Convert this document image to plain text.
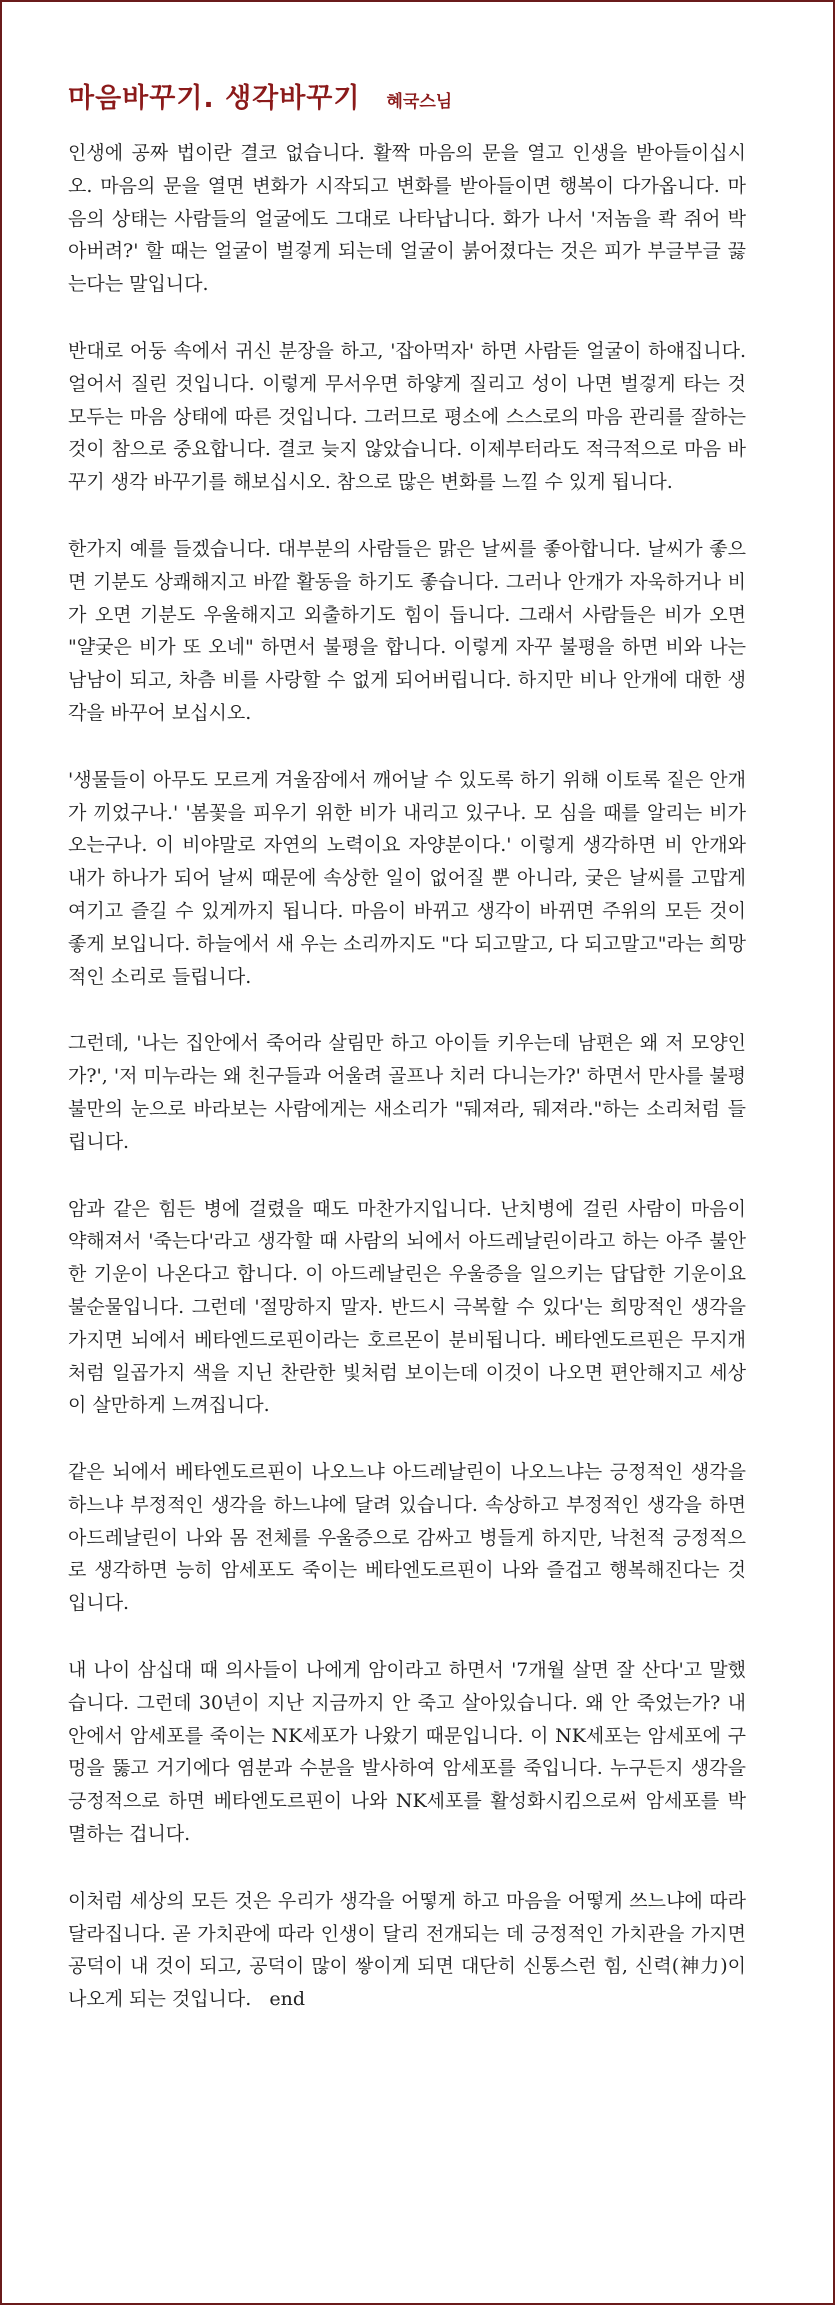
마음바꾸기. 생각바꾸기 혜국스님

인생에 공짜 법이란 결코 없습니다. 활짝 마음의 문을 열고 인생을 받아들이십시오. 마음의 문을 열면 변화가 시작되고 변화를 받아들이면 행복이 다가옵니다. 마음의 상태는 사람들의 얼굴에도 그대로 나타납니다. 화가 나서 '저놈을 콱 쥐어 박아버려?' 할 때는 얼굴이 벌겋게 되는데 얼굴이 붉어졌다는 것은 피가 부글부글 끓는다는 말입니다.

반대로 어둥 속에서 귀신 분장을 하고, '잡아먹자' 하면 사람듣 얼굴이 하얘집니다. 얼어서 질린 것입니다. 이렇게 무서우면 하얗게 질리고 성이 나면 벌겋게 타는 것 모두는 마음 상태에 따른 것입니다. 그러므로 평소에 스스로의 마음 관리를 잘하는 것이 참으로 중요합니다. 결코 늦지 않았습니다. 이제부터라도 적극적으로 마음 바꾸기 생각 바꾸기를 해보십시오. 참으로 많은 변화를 느낄 수 있게 됩니다.

한가지 예를 들겠습니다. 대부분의 사람들은 맑은 날씨를 좋아합니다. 날씨가 좋으면 기분도 상쾌해지고 바깥 활동을 하기도 좋습니다. 그러나 안개가 자욱하거나 비가 오면 기분도 우울해지고 외출하기도 힘이 듭니다. 그래서 사람들은 비가 오면 "얄궂은 비가 또 오네" 하면서 불평을 합니다. 이렇게 자꾸 불평을 하면 비와 나는 남남이 되고, 차츰 비를 사랑할 수 없게 되어버립니다. 하지만 비나 안개에 대한 생각을 바꾸어 보십시오.

'생물들이 아무도 모르게 겨울잠에서 깨어날 수 있도록 하기 위해 이토록 짙은 안개가 끼었구나.' '봄꽃을 피우기 위한 비가 내리고 있구나. 모 심을 때를 알리는 비가 오는구나. 이 비야말로 자연의 노력이요 자양분이다.' 이렇게 생각하면 비 안개와 내가 하나가 되어 날씨 때문에 속상한 일이 없어질 뿐 아니라, 궂은 날씨를 고맙게 여기고 즐길 수 있게까지 됩니다. 마음이 바뀌고 생각이 바뀌면 주위의 모든 것이 좋게 보입니다. 하늘에서 새 우는 소리까지도 "다 되고말고, 다 되고말고"라는 희망적인 소리로 들립니다.

그런데, '나는 집안에서 죽어라 살림만 하고 아이들 키우는데 남편은 왜 저 모양인가?', '저 미누라는 왜 친구들과 어울려 골프나 치러 다니는가?' 하면서 만사를 불평불만의 눈으로 바라보는 사람에게는 새소리가 "뒈져라, 뒈져라."하는 소리처럼 들립니다.

암과 같은 힘든 병에 걸렸을 때도 마찬가지입니다. 난치병에 걸린 사람이 마음이 약해져서 '죽는다'라고 생각할 때 사람의 뇌에서 아드레날린이라고 하는 아주 불안한 기운이 나온다고 합니다. 이 아드레날린은 우울증을 일으키는 답답한 기운이요 불순물입니다. 그런데 '절망하지 말자. 반드시 극복할 수 있다'는 희망적인 생각을 가지면 뇌에서 베타엔드로핀이라는 호르몬이 분비됩니다. 베타엔도르핀은 무지개처럼 일곱가지 색을 지닌 찬란한 빛처럼 보이는데 이것이 나오면 편안해지고 세상이 살만하게 느껴집니다.

같은 뇌에서 베타엔도르핀이 나오느냐 아드레날린이 나오느냐는 긍정적인 생각을 하느냐 부정적인 생각을 하느냐에 달려 있습니다. 속상하고 부정적인 생각을 하면 아드레날린이 나와 몸 전체를 우울증으로 감싸고 병들게 하지만, 낙천적 긍정적으로 생각하면 능히 암세포도 죽이는 베타엔도르핀이 나와 즐겁고 행복해진다는 것입니다.

내 나이 삼십대 때 의사들이 나에게 암이라고 하면서 '7개월 살면 잘 산다'고 말했습니다. 그런데 30년이 지난 지금까지 안 죽고 살아있습니다. 왜 안 죽었는가? 내 안에서 암세포를 죽이는 NK세포가 나왔기 때문입니다. 이 NK세포는 암세포에 구멍을 뚫고 거기에다 염분과 수분을 발사하여 암세포를 죽입니다. 누구든지 생각을 긍정적으로 하면 베타엔도르핀이 나와 NK세포를 활성화시킴으로써 암세포를 박멸하는 겁니다.

이처럼 세상의 모든 것은 우리가 생각을 어떻게 하고 마음을 어떻게 쓰느냐에 따라 달라집니다. 곧 가치관에 따라 인생이 달리 전개되는 데 긍정적인 가치관을 가지면 공덕이 내 것이 되고, 공덕이 많이 쌓이게 되면 대단히 신통스런 힘, 신력(神力)이 나오게 되는 것입니다.   end
